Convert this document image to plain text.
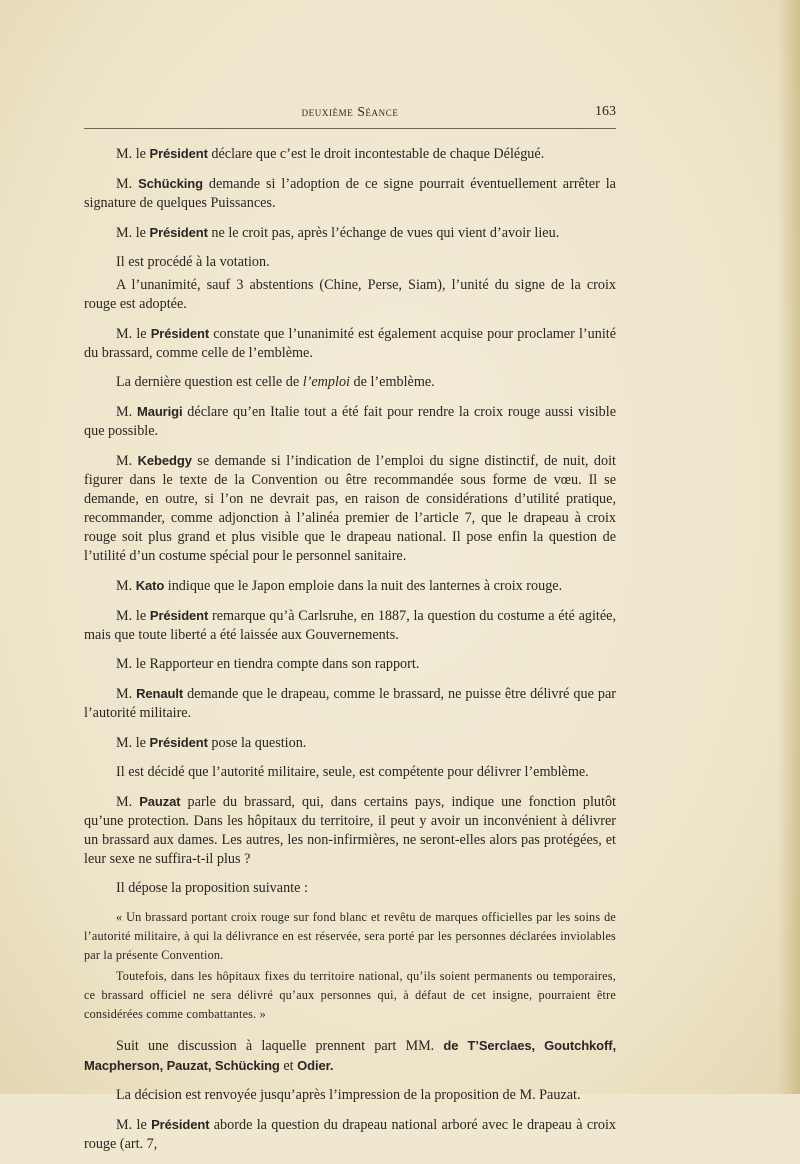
deuxième Séance	163

M. le Président déclare que c’est le droit incontestable de chaque Délégué.

M. Schücking demande si l’adoption de ce signe pourrait éventuellement arrêter la signature de quelques Puissances.

M. le Président ne le croit pas, après l’échange de vues qui vient d’avoir lieu.

Il est procédé à la votation.

A l’unanimité, sauf 3 abstentions (Chine, Perse, Siam), l’unité du signe de la croix rouge est adoptée.

M. le Président constate que l’unanimité est également acquise pour proclamer l’unité du brassard, comme celle de l’emblème.

La dernière question est celle de l’emploi de l’emblème.

M. Maurigi déclare qu’en Italie tout a été fait pour rendre la croix rouge aussi visible que possible.

M. Kebedgy se demande si l’indication de l’emploi du signe distinctif, de nuit, doit figurer dans le texte de la Convention ou être recommandée sous forme de vœu. Il se demande, en outre, si l’on ne devrait pas, en raison de considérations d’utilité pratique, recommander, comme adjonction à l’alinéa premier de l’article 7, que le drapeau à croix rouge soit plus grand et plus visible que le drapeau national. Il pose enfin la question de l’utilité d’un costume spécial pour le personnel sanitaire.

M. Kato indique que le Japon emploie dans la nuit des lanternes à croix rouge.

M. le Président remarque qu’à Carlsruhe, en 1887, la question du costume a été agitée, mais que toute liberté a été laissée aux Gouvernements.

M. le Rapporteur en tiendra compte dans son rapport.

M. Renault demande que le drapeau, comme le brassard, ne puisse être délivré que par l’autorité militaire.

M. le Président pose la question.

Il est décidé que l’autorité militaire, seule, est compétente pour délivrer l’emblème.

M. Pauzat parle du brassard, qui, dans certains pays, indique une fonction plutôt qu’une protection. Dans les hôpitaux du territoire, il peut y avoir un inconvénient à délivrer un brassard aux dames. Les autres, les non-infirmières, ne seront-elles alors pas protégées, et leur sexe ne suffira-t-il plus ?

Il dépose la proposition suivante :

« Un brassard portant croix rouge sur fond blanc et revêtu de marques officielles par les soins de l’autorité militaire, à qui la délivrance en est réservée, sera porté par les personnes déclarées inviolables par la présente Convention.

Toutefois, dans les hôpitaux fixes du territoire national, qu’ils soient permanents ou temporaires, ce brassard officiel ne sera délivré qu’aux personnes qui, à défaut de cet insigne, pourraient être considérées comme combattantes. »

Suit une discussion à laquelle prennent part MM. de T’Serclaes, Goutchkoff, Macpherson, Pauzat, Schücking et Odier.

La décision est renvoyée jusqu’après l’impression de la proposition de M. Pauzat.

M. le Président aborde la question du drapeau national arboré avec le drapeau à croix rouge (art. 7,
